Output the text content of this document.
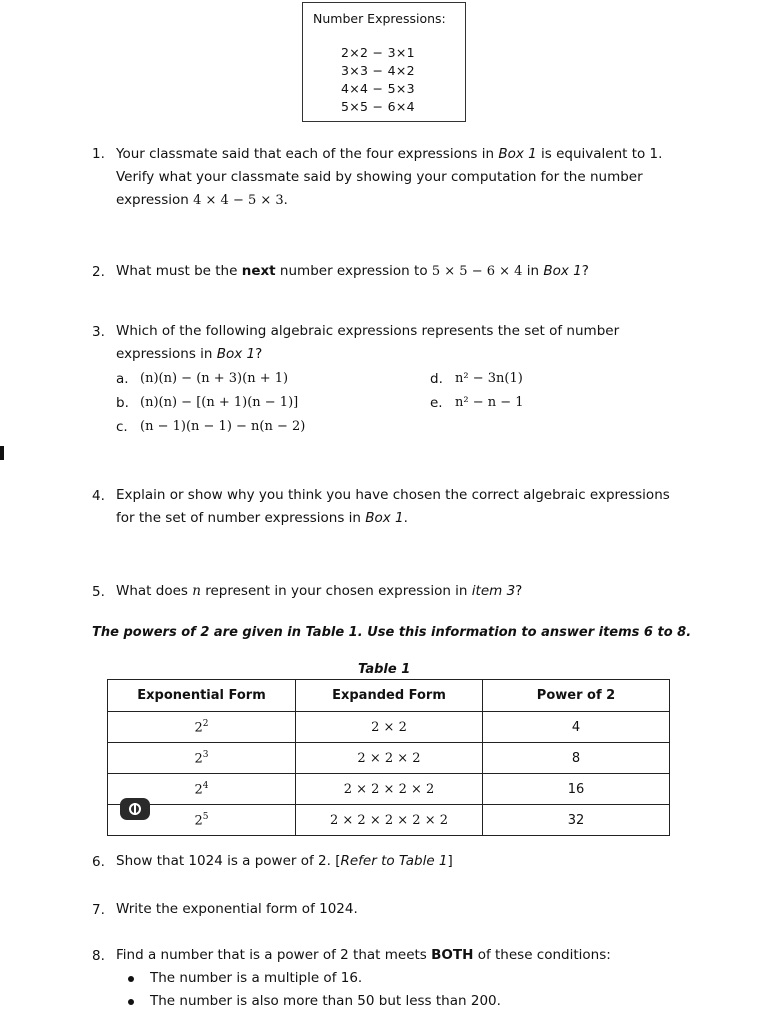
Number Expressions:
2×2 − 3×1
3×3 − 4×2
4×4 − 5×3
5×5 − 6×4
1. Your classmate said that each of the four expressions in Box 1 is equivalent to 1.
Verify what your classmate said by showing your computation for the number
expression 4 × 4 − 5 × 3.
2. What must be the next number expression to 5 × 5 − 6 × 4 in Box 1?
3. Which of the following algebraic expressions represents the set of number
expressions in Box 1?
a. (n)(n) − (n + 3)(n + 1)
b. (n)(n) − [(n + 1)(n − 1)]
c. (n − 1)(n − 1) − n(n − 2)
d. n² − 3n(1)
e. n² − n − 1
4. Explain or show why you think you have chosen the correct algebraic expressions
for the set of number expressions in Box 1.
5. What does n represent in your chosen expression in item 3?
The powers of 2 are given in Table 1. Use this information to answer items 6 to 8.
Table 1
Exponential Form	Expanded Form	Power of 2
$2^2$	2 × 2	4
$2^3$	2 × 2 × 2	8
$2^4$	2 × 2 × 2 × 2	16
$2^5$	2 × 2 × 2 × 2 × 2	32
6. Show that 1024 is a power of 2. [Refer to Table 1]
7. Write the exponential form of 1024.
8. Find a number that is a power of 2 that meets BOTH of these conditions:
The number is a multiple of 16.
The number is also more than 50 but less than 200.
